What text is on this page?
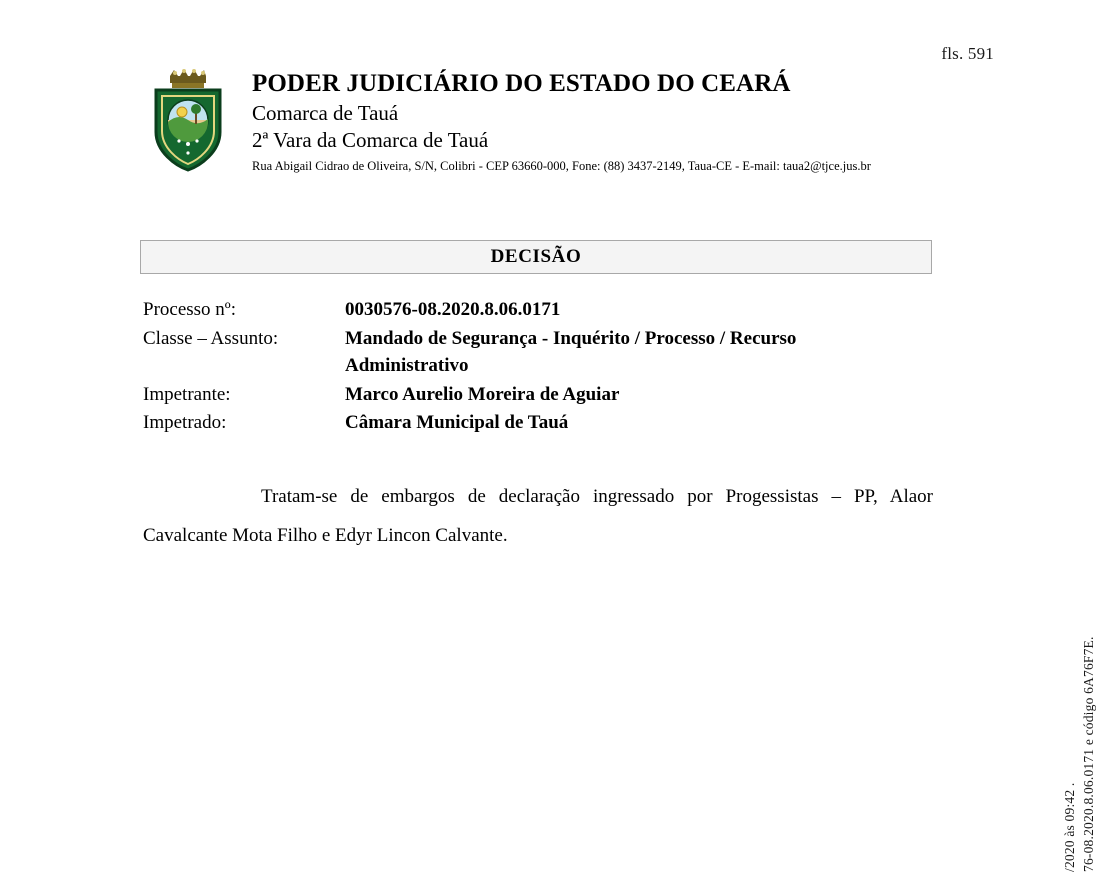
fls. 591
PODER JUDICIÁRIO DO ESTADO DO CEARÁ
Comarca de Tauá
2ª Vara da Comarca de Tauá
Rua Abigail Cidrao de Oliveira, S/N, Colibri - CEP 63660-000, Fone: (88) 3437-2149, Taua-CE - E-mail: taua2@tjce.jus.br
DECISÃO
Processo nº:	0030576-08.2020.8.06.0171
Classe ‒ Assunto:	Mandado de Segurança - Inquérito / Processo / Recurso Administrativo
Impetrante:	Marco Aurelio Moreira de Aguiar
Impetrado:	Câmara Municipal de Tauá
Tratam-se de embargos de declaração ingressado por Progessistas – PP, Alaor Cavalcante Mota Filho e Edyr Lincon Calvante.
/2020 às 09:42 . 76-08.2020.8.06.0171 e código 6A76F7E.
